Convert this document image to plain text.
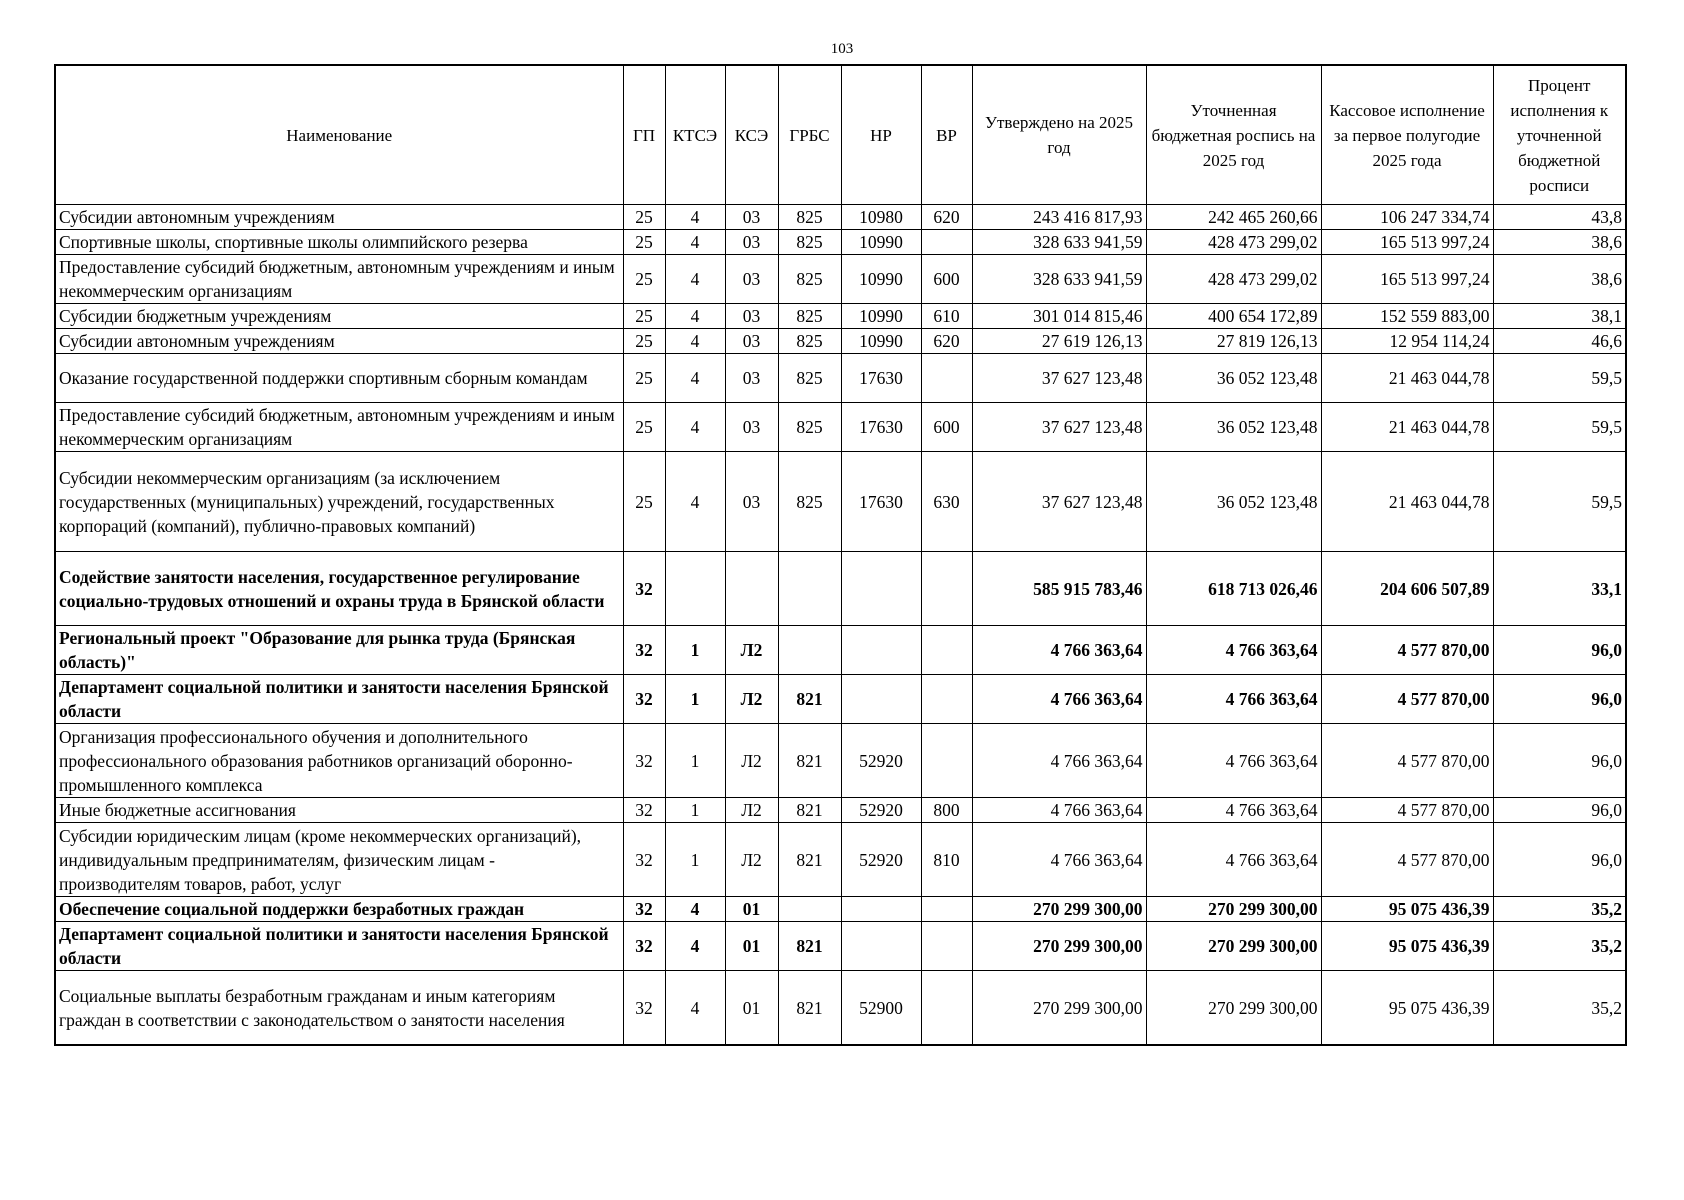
103
Наименование	ГП	КТСЭ	КСЭ	ГРБС	НР	ВР	Утверждено на 2025 год	Уточненная бюджетная роспись на 2025 год	Кассовое исполнение за первое полугодие 2025 года	Процент исполнения к уточненной бюджетной росписи
Субсидии автономным учреждениям	25	4	03	825	10980	620	243 416 817,93	242 465 260,66	106 247 334,74	43,8
Спортивные школы, спортивные школы олимпийского резерва	25	4	03	825	10990		328 633 941,59	428 473 299,02	165 513 997,24	38,6
Предоставление субсидий бюджетным, автономным учреждениям и иным некоммерческим организациям	25	4	03	825	10990	600	328 633 941,59	428 473 299,02	165 513 997,24	38,6
Субсидии бюджетным учреждениям	25	4	03	825	10990	610	301 014 815,46	400 654 172,89	152 559 883,00	38,1
Субсидии автономным учреждениям	25	4	03	825	10990	620	27 619 126,13	27 819 126,13	12 954 114,24	46,6
Оказание государственной поддержки спортивным сборным командам	25	4	03	825	17630		37 627 123,48	36 052 123,48	21 463 044,78	59,5
Предоставление субсидий бюджетным, автономным учреждениям и иным некоммерческим организациям	25	4	03	825	17630	600	37 627 123,48	36 052 123,48	21 463 044,78	59,5
Субсидии некоммерческим организациям (за исключением государственных (муниципальных) учреждений, государственных корпораций (компаний), публично-правовых компаний)	25	4	03	825	17630	630	37 627 123,48	36 052 123,48	21 463 044,78	59,5
Содействие занятости населения, государственное регулирование социально-трудовых отношений и охраны труда в Брянской области	32						585 915 783,46	618 713 026,46	204 606 507,89	33,1
Региональный проект "Образование для рынка труда (Брянская область)"	32	1	Л2				4 766 363,64	4 766 363,64	4 577 870,00	96,0
Департамент социальной политики и занятости населения Брянской области	32	1	Л2	821			4 766 363,64	4 766 363,64	4 577 870,00	96,0
Организация профессионального обучения и дополнительного профессионального образования работников организаций оборонно-промышленного комплекса	32	1	Л2	821	52920		4 766 363,64	4 766 363,64	4 577 870,00	96,0
Иные бюджетные ассигнования	32	1	Л2	821	52920	800	4 766 363,64	4 766 363,64	4 577 870,00	96,0
Субсидии юридическим лицам (кроме некоммерческих организаций), индивидуальным предпринимателям, физическим лицам - производителям товаров, работ, услуг	32	1	Л2	821	52920	810	4 766 363,64	4 766 363,64	4 577 870,00	96,0
Обеспечение социальной поддержки безработных граждан	32	4	01				270 299 300,00	270 299 300,00	95 075 436,39	35,2
Департамент социальной политики и занятости населения Брянской области	32	4	01	821			270 299 300,00	270 299 300,00	95 075 436,39	35,2
Социальные выплаты безработным гражданам и иным категориям граждан в соответствии с законодательством о занятости населения	32	4	01	821	52900		270 299 300,00	270 299 300,00	95 075 436,39	35,2
